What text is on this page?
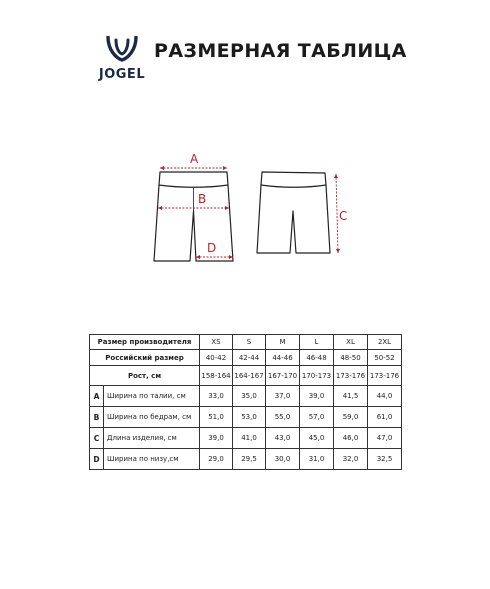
JOGEL
РАЗМЕРНАЯ ТАБЛИЦА
A
B
D
C
Размер производителя		XS	S	M	L	XL	2XL
Российский размер		40-42	42-44	44-46	46-48	48-50	50-52
Рост, см		158-164	164-167	167-170	170-173	173-176	173-176
A	Ширина по талии, см	33,0	35,0	37,0	39,0	41,5	44,0
B	Ширина по бедрам, см	51,0	53,0	55,0	57,0	59,0	61,0
C	Длина изделия, см	39,0	41,0	43,0	45,0	46,0	47,0
D	Ширина по низу,см	29,0	29,5	30,0	31,0	32,0	32,5
